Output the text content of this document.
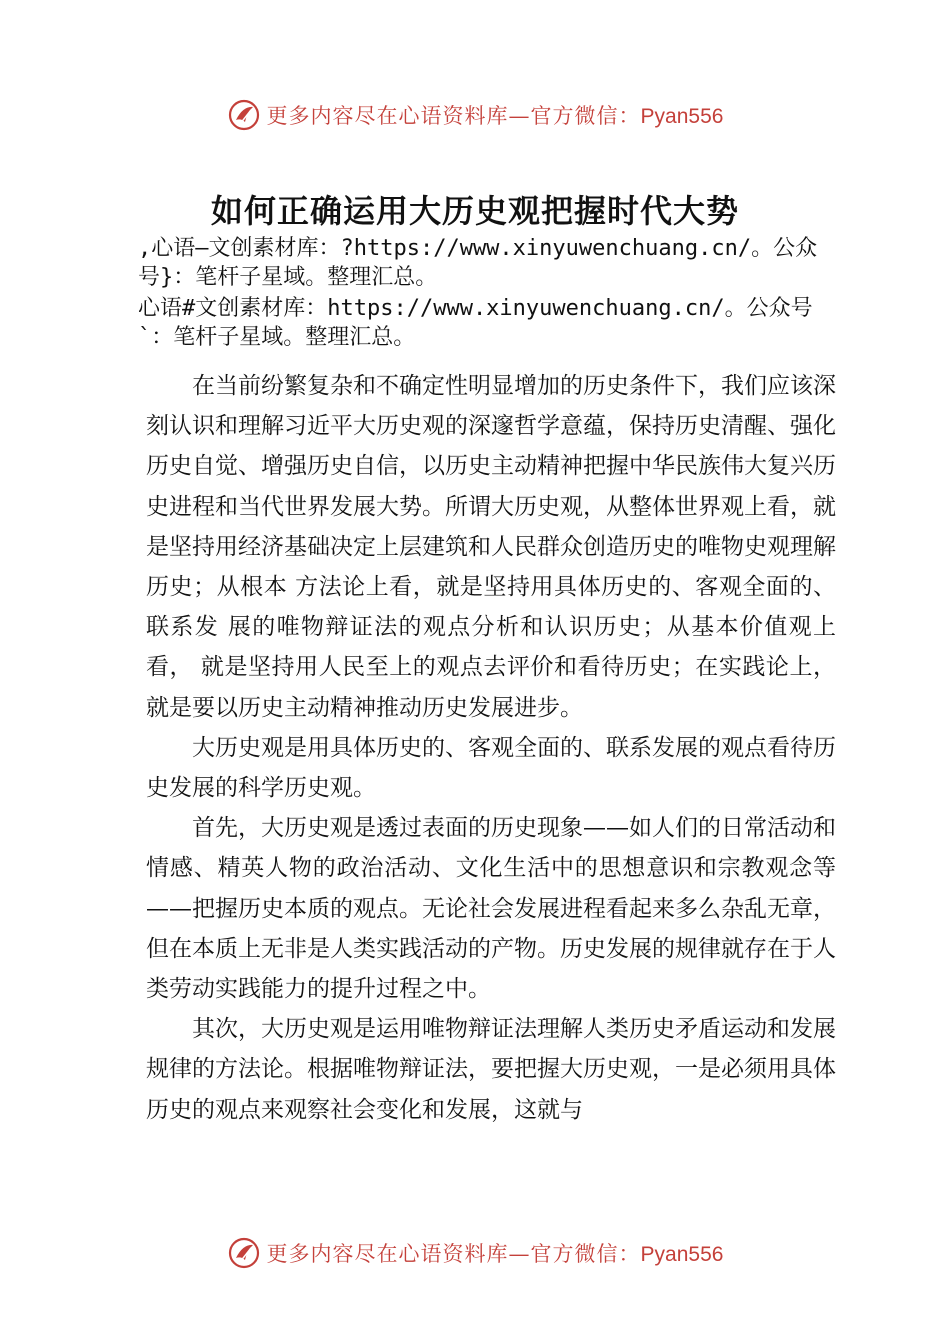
更多内容尽在心语资料库—官方微信：Pyan556
如何正确运用大历史观把握时代大势
,心语—文创素材库：?https://www.xinyuwenchuang.cn/。公众号}：笔杆子星域。整理汇总。
心语#文创素材库：https://www.xinyuwenchuang.cn/。公众号`：笔杆子星域。整理汇总。

在当前纷繁复杂和不确定性明显增加的历史条件下，我们应该深刻认识和理解习近平大历史观的深邃哲学意蕴，保持历史清醒、强化历史自觉、增强历史自信，以历史主动精神把握中华民族伟大复兴历史进程和当代世界发展大势。所谓大历史观，从整体世界观上看，就是坚持用经济基础决定上层建筑和人民群众创造历史的唯物史观理解历史；从根本 方法论上看，就是坚持用具体历史的、客观全面的、联系发 展的唯物辩证法的观点分析和认识历史；从基本价值观上看， 就是坚持用人民至上的观点去评价和看待历史；在实践论上，就是要以历史主动精神推动历史发展进步。

大历史观是用具体历史的、客观全面的、联系发展的观点看待历史发展的科学历史观。

首先，大历史观是透过表面的历史现象——如人们的日常活动和情感、精英人物的政治活动、文化生活中的思想意识和宗教观念等——把握历史本质的观点。无论社会发展进程看起来多么杂乱无章，但在本质上无非是人类实践活动的产物。历史发展的规律就存在于人类劳动实践能力的提升过程之中。

其次，大历史观是运用唯物辩证法理解人类历史矛盾运动和发展规律的方法论。根据唯物辩证法，要把握大历史观，一是必须用具体历史的观点来观察社会变化和发展，这就与

更多内容尽在心语资料库—官方微信：Pyan556
